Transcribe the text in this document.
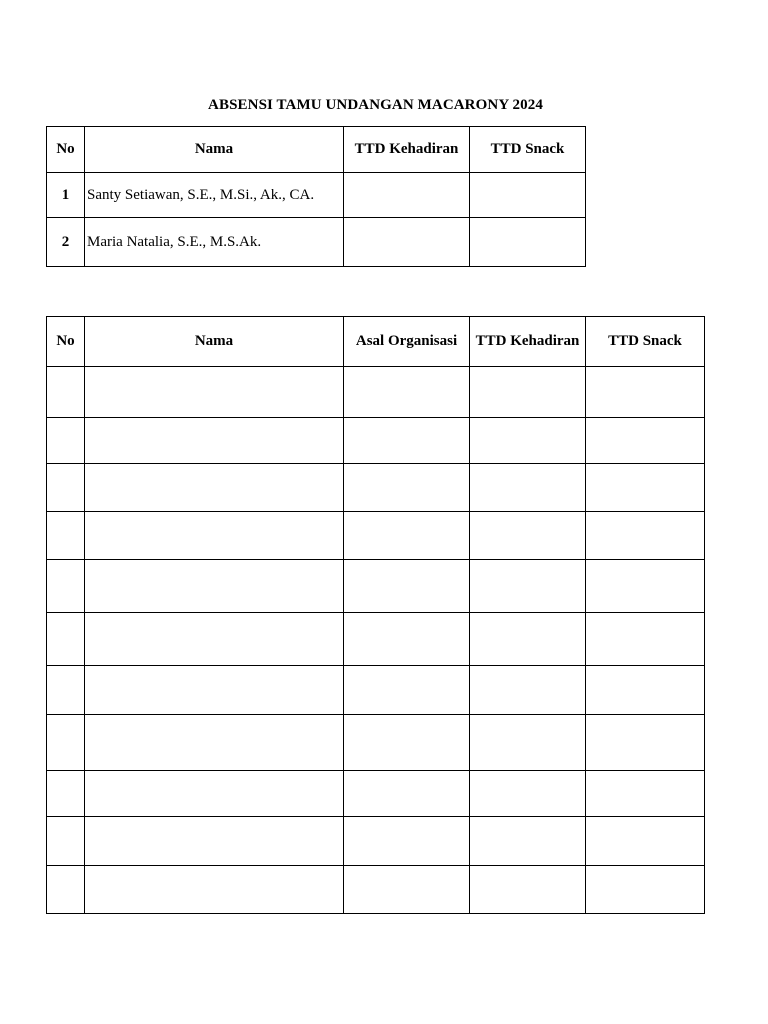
ABSENSI TAMU UNDANGAN MACARONY 2024
No	Nama	TTD Kehadiran	TTD Snack
1	Santy Setiawan, S.E., M.Si., Ak., CA.		
2	Maria Natalia, S.E., M.S.Ak.		
No	Nama	Asal Organisasi	TTD Kehadiran	TTD Snack
